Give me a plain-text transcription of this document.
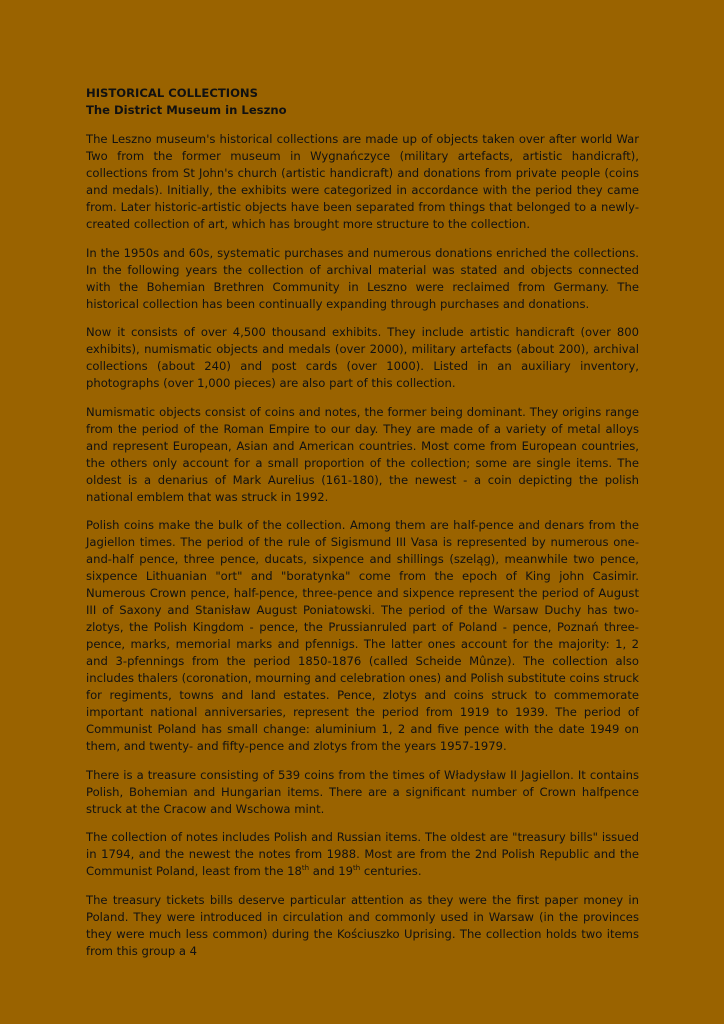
HISTORICAL COLLECTIONS

The District Museum in Leszno

The Leszno museum's historical collections are made up of objects taken over after world War Two from the former museum in Wygnańczyce (military artefacts, artistic handicraft), collections from St John's church (artistic handicraft) and donations from private people (coins and medals). Initially, the exhibits were categorized in accordance with the period they came from. Later historic-artistic objects have been separated from things that belonged to a newly-created collection of art, which has brought more structure to the collection.

In the 1950s and 60s, systematic purchases and numerous donations enriched the collections. In the following years the collection of archival material was stated and objects connected with the Bohemian Brethren Community in Leszno were reclaimed from Germany. The historical collection has been continually expanding through purchases and donations.

Now it consists of over 4,500 thousand exhibits. They include artistic handicraft (over 800 exhibits), numismatic objects and medals (over 2000), military artefacts (about 200), archival collections (about 240) and post cards (over 1000). Listed in an auxiliary inventory, photographs (over 1,000 pieces) are also part of this collection.

Numismatic objects consist of coins and notes, the former being dominant. They origins range from the period of the Roman Empire to our day. They are made of a variety of metal alloys and represent European, Asian and American countries. Most come from European countries, the others only account for a small proportion of the collection; some are single items. The oldest is a denarius of Mark Aurelius (161-180), the newest - a coin depicting the polish national emblem that was struck in 1992.

Polish coins make the bulk of the collection. Among them are half-pence and denars from the Jagiellon times. The period of the rule of Sigismund III Vasa is represented by numerous one-and-half pence, three pence, ducats, sixpence and shillings (szeląg), meanwhile two pence, sixpence Lithuanian "ort" and "boratynka" come from the epoch of King john Casimir. Numerous Crown pence, half-pence, three-pence and sixpence represent the period of August III of Saxony and Stanisław August Poniatowski. The period of the Warsaw Duchy has two-zlotys, the Polish Kingdom - pence, the Prussianruled part of Poland - pence, Poznań three-pence, marks, memorial marks and pfennigs. The latter ones account for the majority: 1, 2 and 3-pfennings from the period 1850-1876 (called Scheide Mûnze). The collection also includes thalers (coronation, mourning and celebration ones) and Polish substitute coins struck for regiments, towns and land estates. Pence, zlotys and coins struck to commemorate important national anniversaries, represent the period from 1919 to 1939. The period of Communist Poland has small change: aluminium 1, 2 and five pence with the date 1949 on them, and twenty- and fifty-pence and zlotys from the years 1957-1979.

There is a treasure consisting of 539 coins from the times of Władysław II Jagiellon. It contains Polish, Bohemian and Hungarian items. There are a significant number of Crown halfpence struck at the Cracow and Wschowa mint.

The collection of notes includes Polish and Russian items. The oldest are "treasury bills" issued in 1794, and the newest the notes from 1988. Most are from the 2nd Polish Republic and the Communist Poland, least from the 18th and 19th centuries.

The treasury tickets bills deserve particular attention as they were the first paper money in Poland. They were introduced in circulation and commonly used in Warsaw (in the provinces they were much less common) during the Kościuszko Uprising. The collection holds two items from this group a 4
